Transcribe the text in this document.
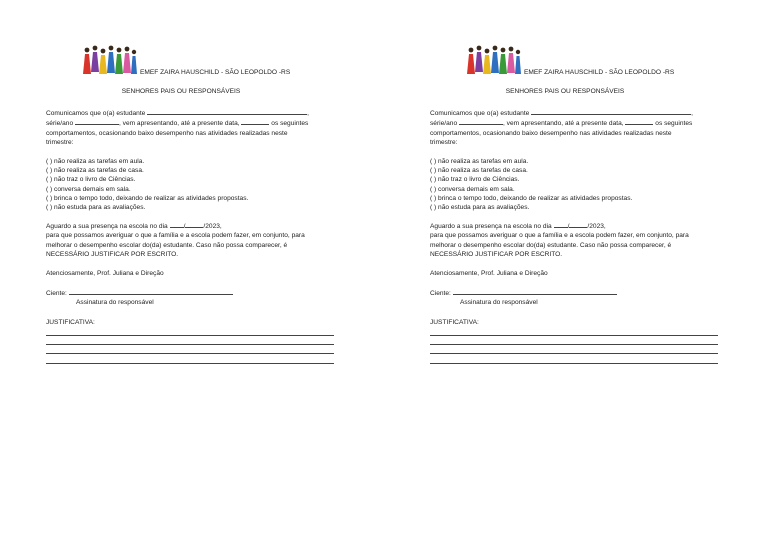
EMEF ZAIRA HAUSCHILD - SÃO LEOPOLDO -RS
SENHORES PAIS OU RESPONSÁVEIS
Comunicamos que o(a) estudante	,
série/ano	, vem apresentando, até a presente data,	os seguintes
comportamentos, ocasionando baixo desempenho nas atividades realizadas neste
trimestre:
( ) não realiza as tarefas em aula.
( ) não realiza as tarefas de casa.
( ) não traz o livro de Ciências.
( ) conversa demais em sala.
( ) brinca o tempo todo, deixando de realizar as atividades propostas.
( ) não estuda para as avaliações.
Aguardo a sua presença na escola no dia /	/2023,
para que possamos averiguar o que a família e a escola podem fazer, em conjunto, para
melhorar o desempenho escolar do(da) estudante. Caso não possa comparecer, é
NECESSÁRIO JUSTIFICAR POR ESCRITO.
Atenciosamente, Prof. Juliana e Direção
Ciente:
Assinatura do responsável
JUSTIFICATIVA:
EMEF ZAIRA HAUSCHILD - SÃO LEOPOLDO -RS
SENHORES PAIS OU RESPONSÁVEIS
Comunicamos que o(a) estudante	,
série/ano	, vem apresentando, até a presente data,	os seguintes
comportamentos, ocasionando baixo desempenho nas atividades realizadas neste
trimestre:
( ) não realiza as tarefas em aula.
( ) não realiza as tarefas de casa.
( ) não traz o livro de Ciências.
( ) conversa demais em sala.
( ) brinca o tempo todo, deixando de realizar as atividades propostas.
( ) não estuda para as avaliações.
Aguardo a sua presença na escola no dia /	/2023,
para que possamos averiguar o que a família e a escola podem fazer, em conjunto, para
melhorar o desempenho escolar do(da) estudante. Caso não possa comparecer, é
NECESSÁRIO JUSTIFICAR POR ESCRITO.
Atenciosamente, Prof. Juliana e Direção
Ciente:
Assinatura do responsável
JUSTIFICATIVA:
